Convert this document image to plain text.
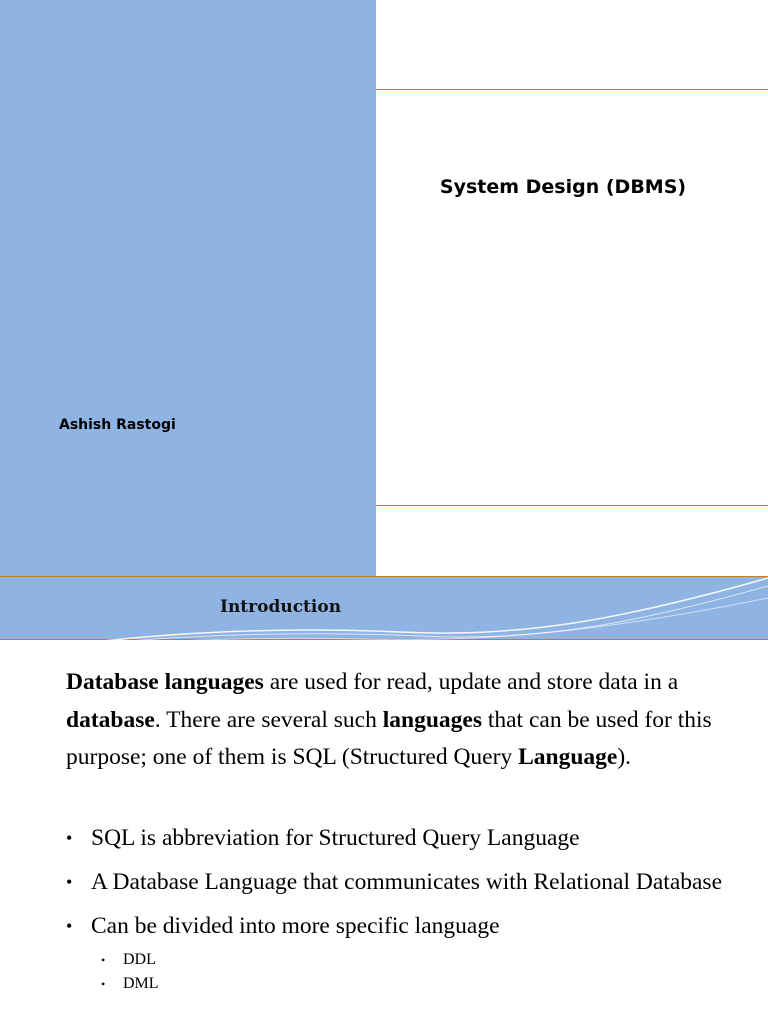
System Design (DBMS)
Ashish Rastogi
Introduction

Database languages are used for read, update and store data in a database. There are several such languages that can be used for this purpose; one of them is SQL (Structured Query Language).

• SQL is abbreviation for Structured Query Language
• A Database Language that communicates with Relational Database
• Can be divided into more specific language
• DDL
• DML
